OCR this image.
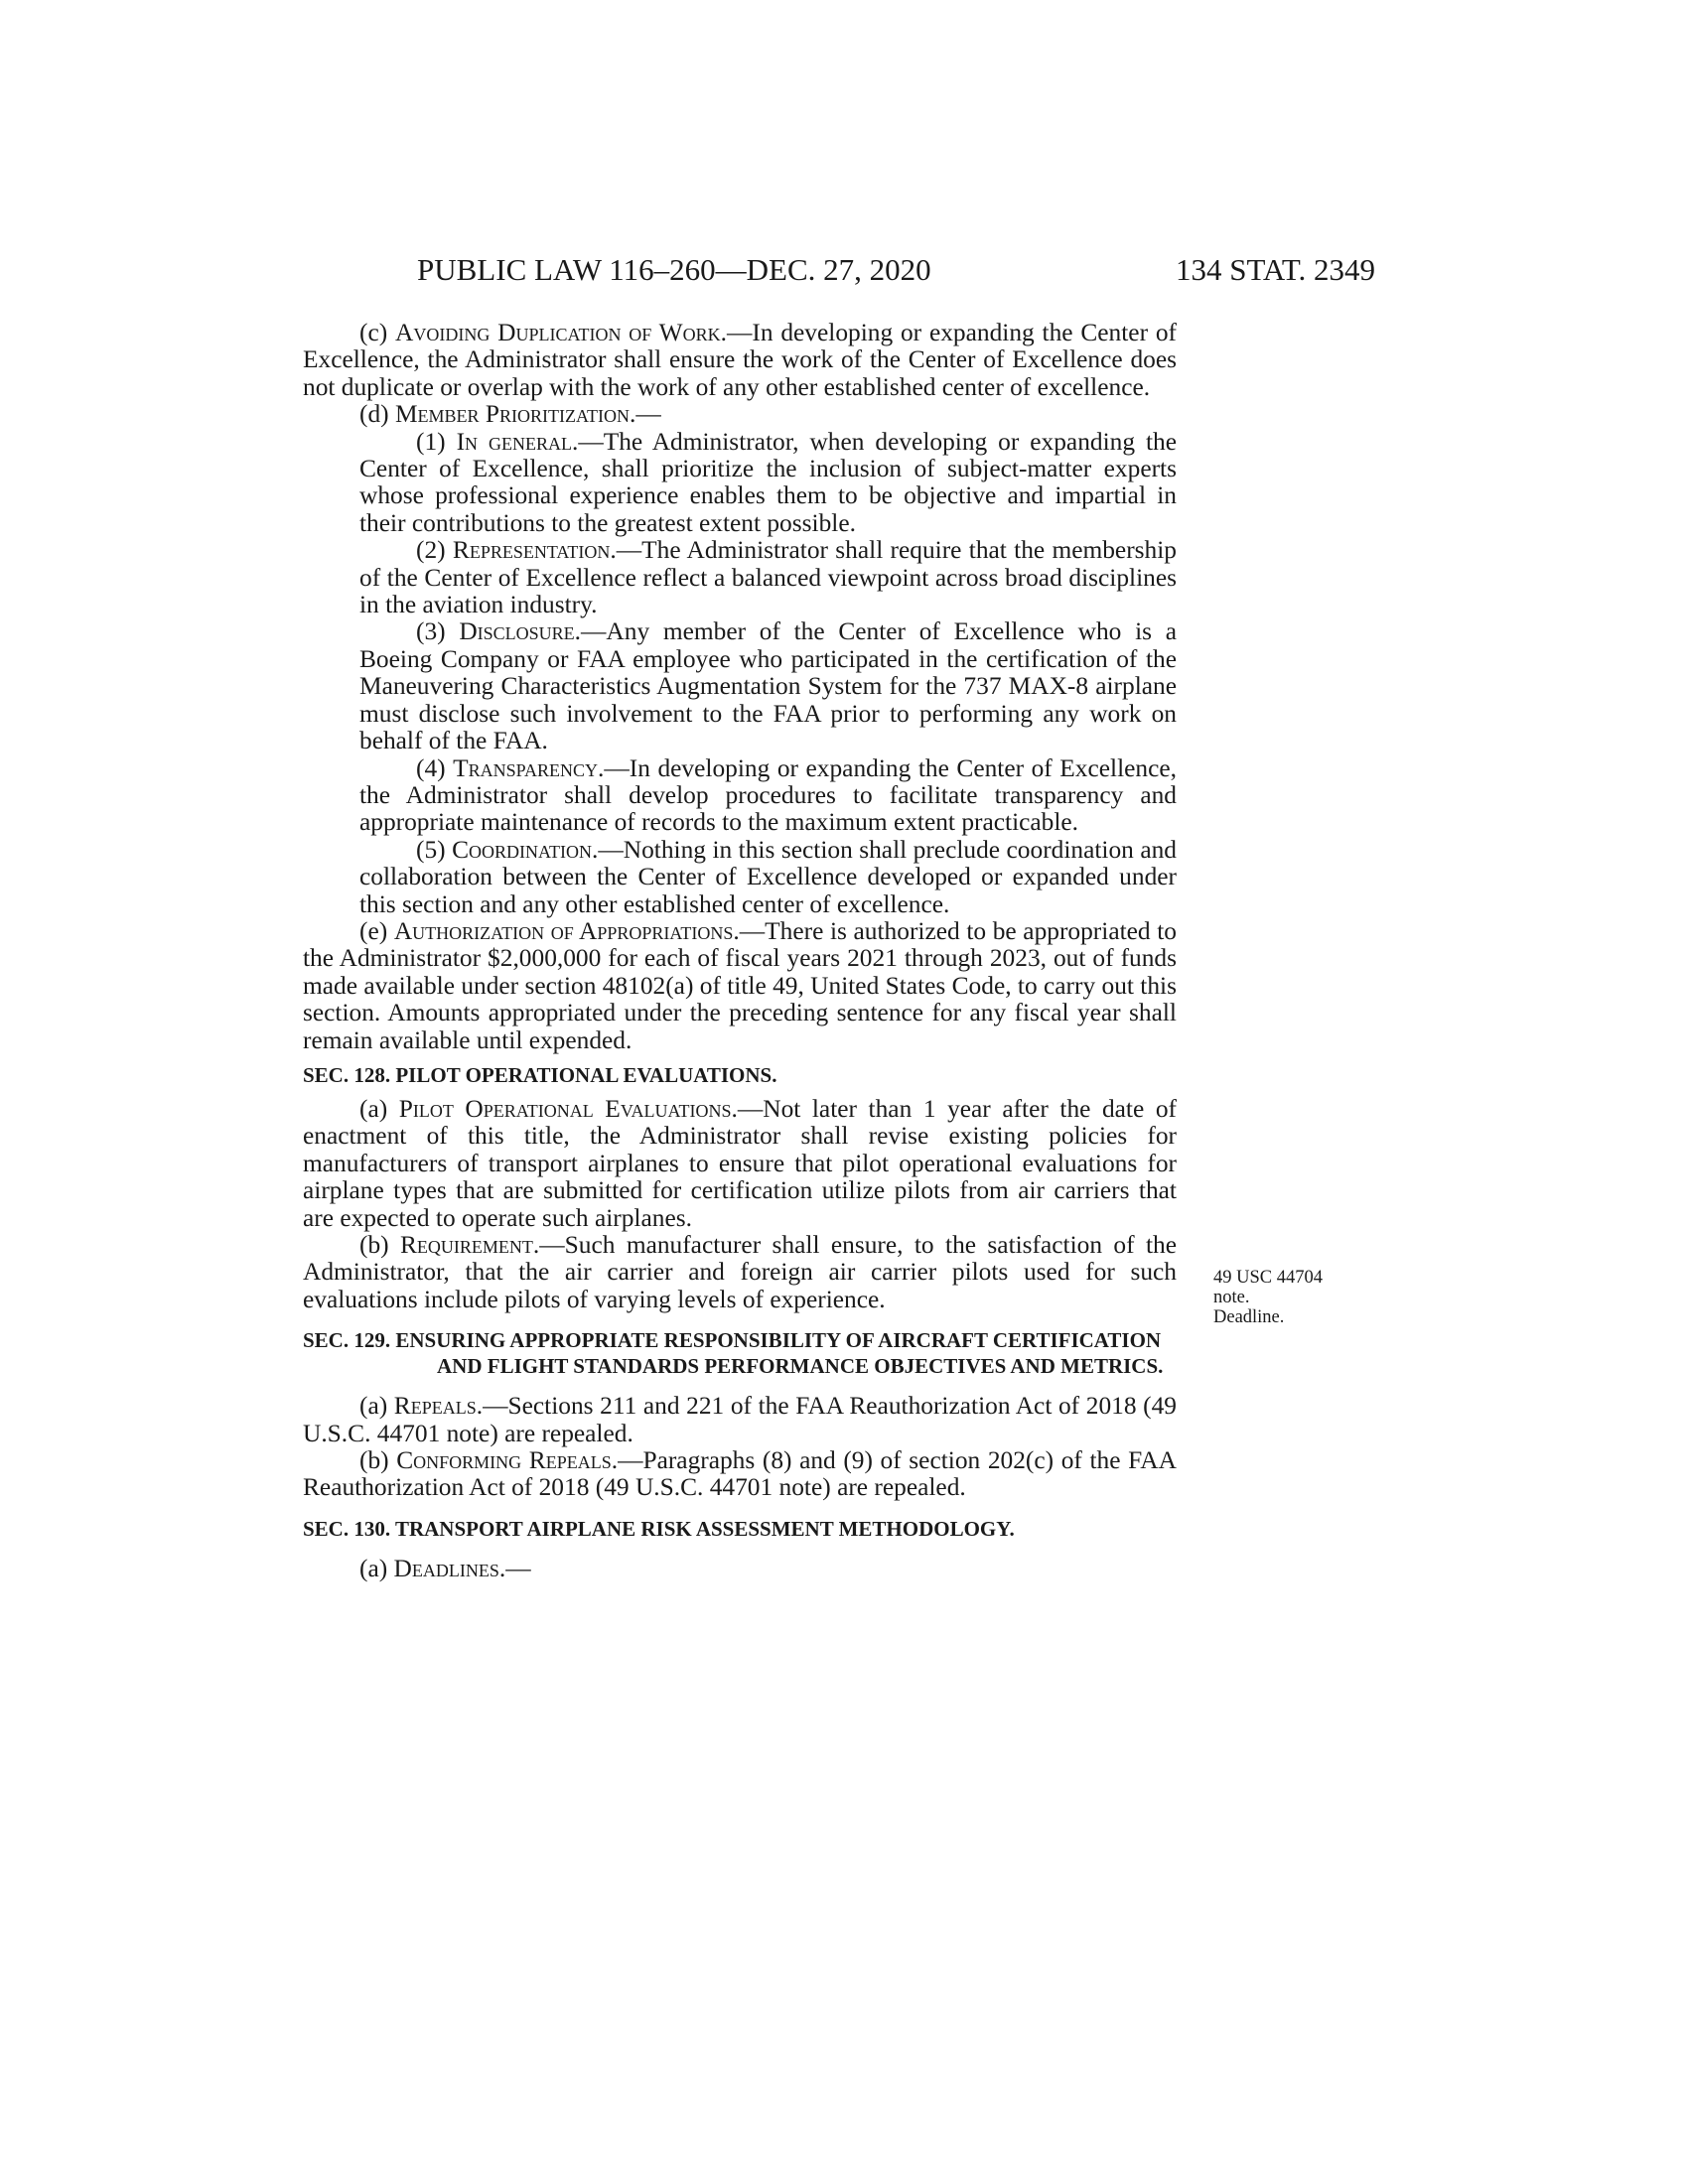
PUBLIC LAW 116–260—DEC. 27, 2020	134 STAT. 2349

(c) Avoiding Duplication of Work.—In developing or expanding the Center of Excellence, the Administrator shall ensure the work of the Center of Excellence does not duplicate or overlap with the work of any other established center of excellence.

(d) Member Prioritization.—

(1) In general.—The Administrator, when developing or expanding the Center of Excellence, shall prioritize the inclusion of subject-matter experts whose professional experience enables them to be objective and impartial in their contributions to the greatest extent possible.

(2) Representation.—The Administrator shall require that the membership of the Center of Excellence reflect a balanced viewpoint across broad disciplines in the aviation industry.

(3) Disclosure.—Any member of the Center of Excellence who is a Boeing Company or FAA employee who participated in the certification of the Maneuvering Characteristics Augmentation System for the 737 MAX-8 airplane must disclose such involvement to the FAA prior to performing any work on behalf of the FAA.

(4) Transparency.—In developing or expanding the Center of Excellence, the Administrator shall develop procedures to facilitate transparency and appropriate maintenance of records to the maximum extent practicable.

(5) Coordination.—Nothing in this section shall preclude coordination and collaboration between the Center of Excellence developed or expanded under this section and any other established center of excellence.

(e) Authorization of Appropriations.—There is authorized to be appropriated to the Administrator $2,000,000 for each of fiscal years 2021 through 2023, out of funds made available under section 48102(a) of title 49, United States Code, to carry out this section. Amounts appropriated under the preceding sentence for any fiscal year shall remain available until expended.

SEC. 128. PILOT OPERATIONAL EVALUATIONS.

(a) Pilot Operational Evaluations.—Not later than 1 year after the date of enactment of this title, the Administrator shall revise existing policies for manufacturers of transport airplanes to ensure that pilot operational evaluations for airplane types that are submitted for certification utilize pilots from air carriers that are expected to operate such airplanes.

(b) Requirement.—Such manufacturer shall ensure, to the satisfaction of the Administrator, that the air carrier and foreign air carrier pilots used for such evaluations include pilots of varying levels of experience.

SEC. 129. ENSURING APPROPRIATE RESPONSIBILITY OF AIRCRAFT CERTIFICATION AND FLIGHT STANDARDS PERFORMANCE OBJECTIVES AND METRICS.

(a) Repeals.—Sections 211 and 221 of the FAA Reauthorization Act of 2018 (49 U.S.C. 44701 note) are repealed.

(b) Conforming Repeals.—Paragraphs (8) and (9) of section 202(c) of the FAA Reauthorization Act of 2018 (49 U.S.C. 44701 note) are repealed.

SEC. 130. TRANSPORT AIRPLANE RISK ASSESSMENT METHODOLOGY.

(a) Deadlines.—

49 USC 44704
note.
Deadline.
